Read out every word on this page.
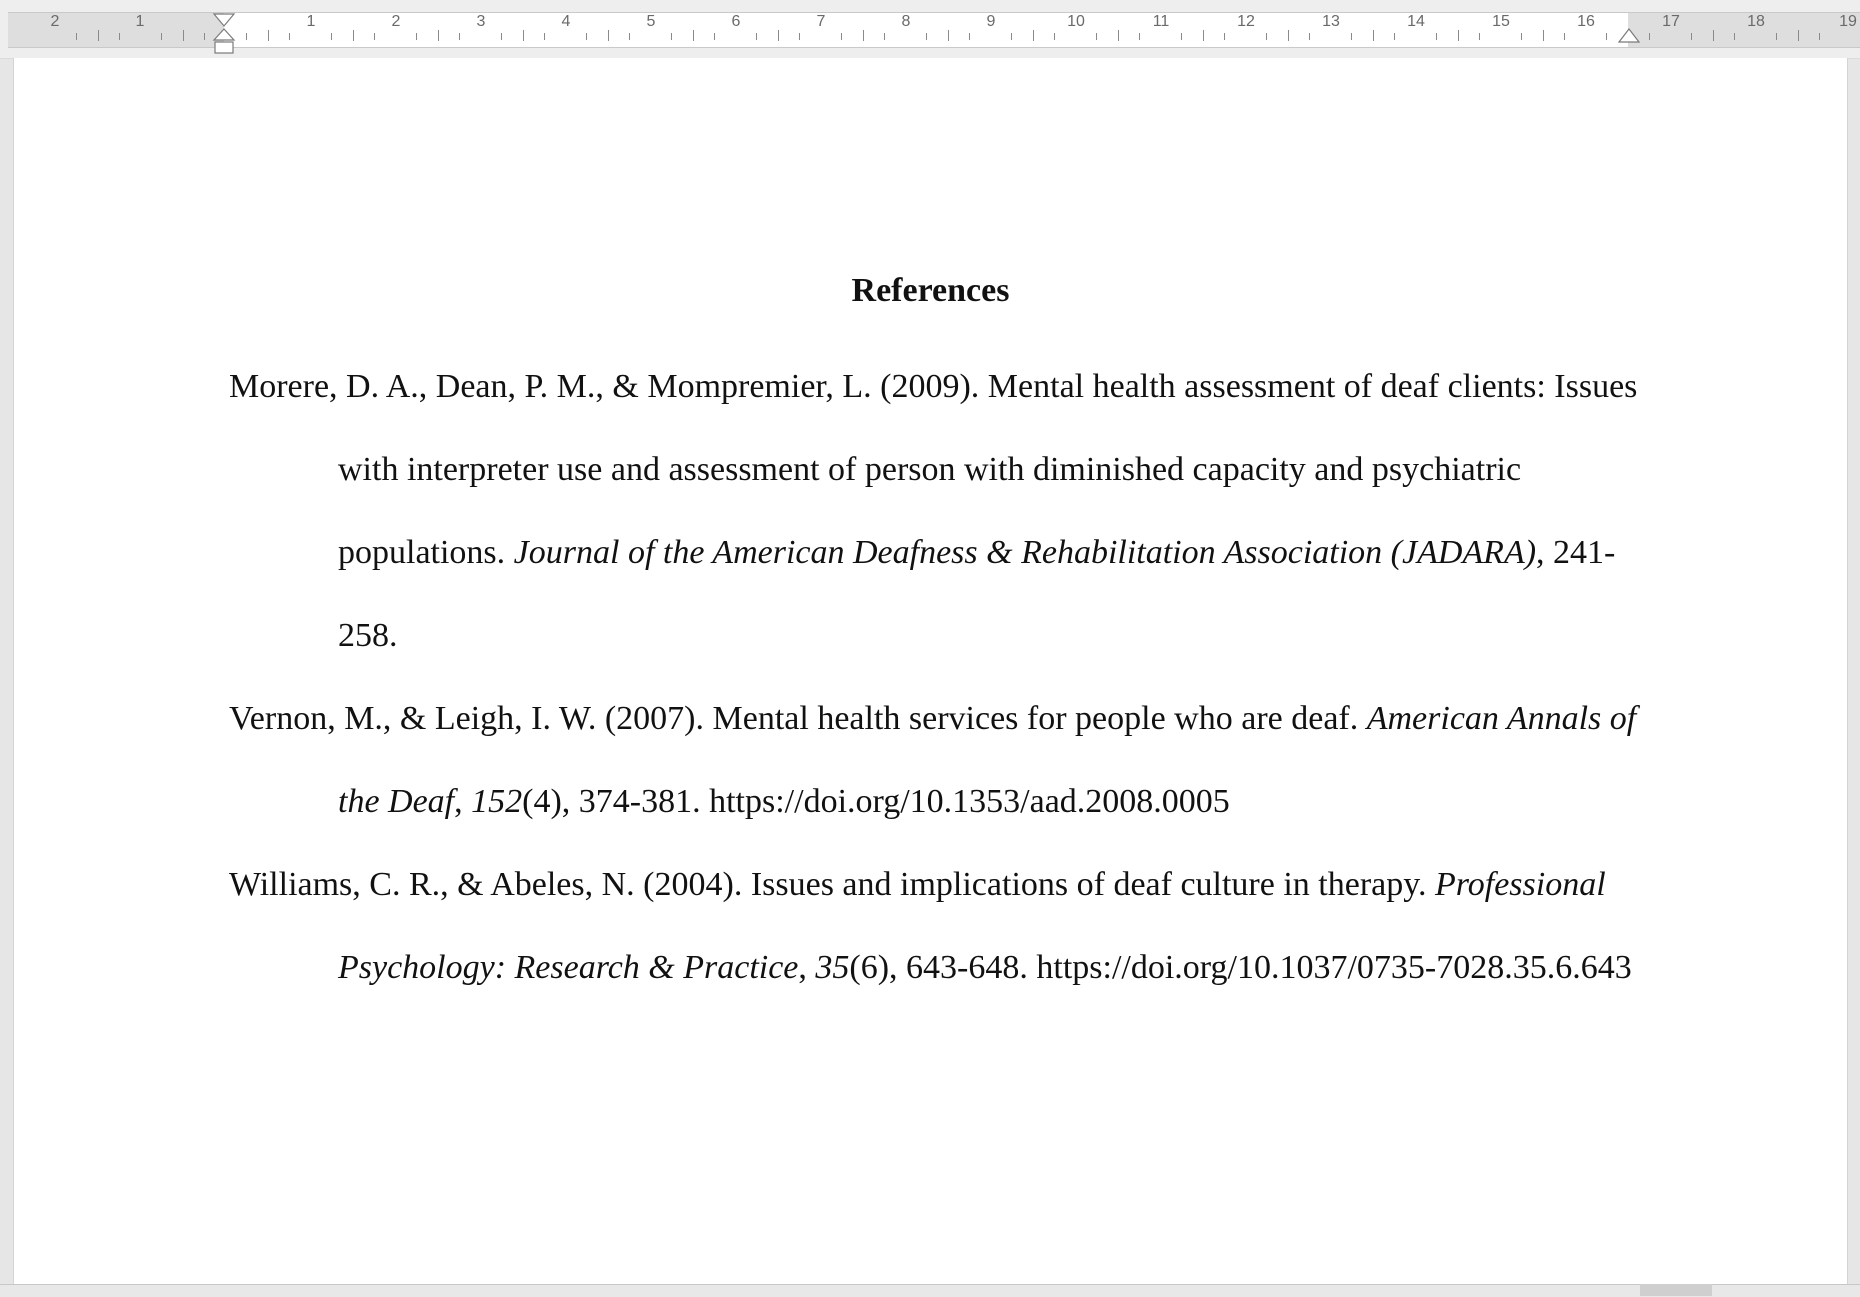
2	1	1	2	3	4	5	6	7	8	9	10	11	12	13	14	15	16	17	18	19
References

Morere, D. A., Dean, P. M., & Mompremier, L. (2009). Mental health assessment of deaf clients: Issues with interpreter use and assessment of person with diminished capacity and psychiatric populations. Journal of the American Deafness & Rehabilitation Association (JADARA), 241-258.

Vernon, M., & Leigh, I. W. (2007). Mental health services for people who are deaf. American Annals of the Deaf, 152(4), 374-381. https://doi.org/10.1353/aad.2008.0005

Williams, C. R., & Abeles, N. (2004). Issues and implications of deaf culture in therapy. Professional Psychology: Research & Practice, 35(6), 643-648. https://doi.org/10.1037/0735-7028.35.6.643
